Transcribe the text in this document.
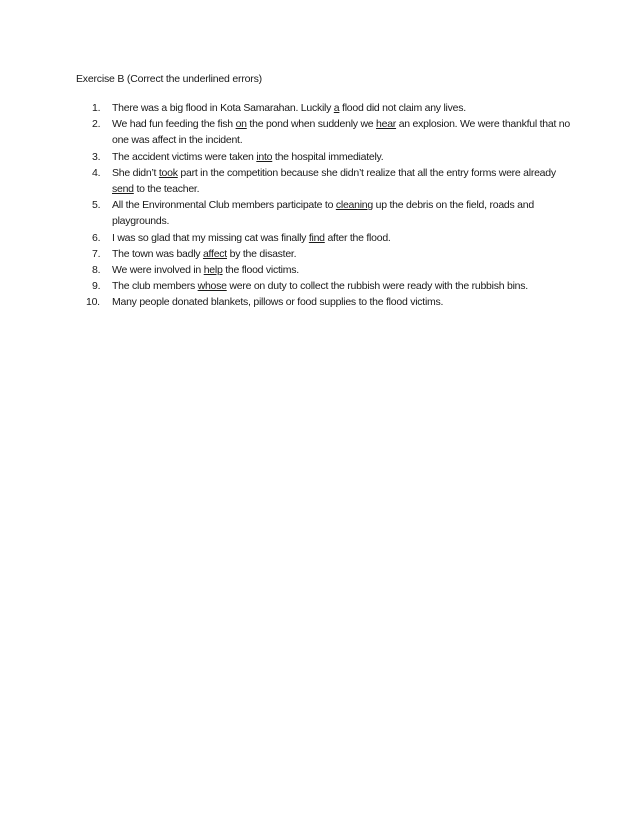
Exercise B (Correct the underlined errors)
1.	There was a big flood in Kota Samarahan. Luckily a flood did not claim any lives.
2.	We had fun feeding the fish on the pond when suddenly we hear an explosion. We were thankful that no one was affect in the incident.
3.	The accident victims were taken into the hospital immediately.
4.	She didn’t took part in the competition because she didn’t realize that all the entry forms were already send to the teacher.
5.	All the Environmental Club members participate to cleaning up the debris on the field, roads and playgrounds.
6.	I was so glad that my missing cat was finally find after the flood.
7.	The town was badly affect by the disaster.
8.	We were involved in help the flood victims.
9.	The club members whose were on duty to collect the rubbish were ready with the rubbish bins.
10.	Many people donated blankets, pillows or food supplies to the flood victims.
